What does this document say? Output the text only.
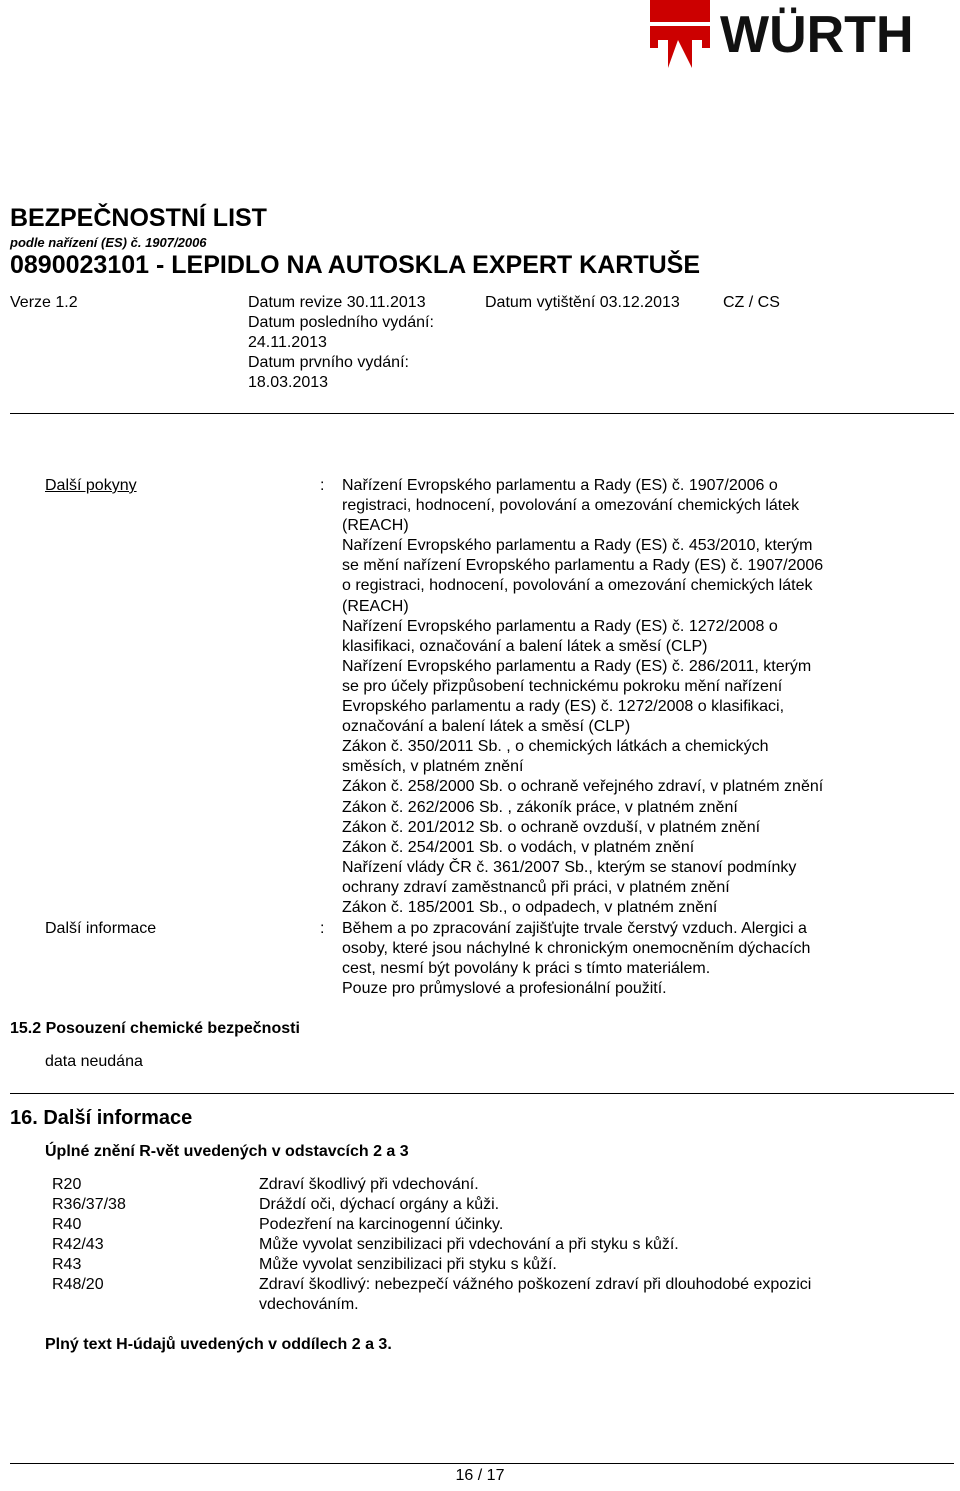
WÜRTH
BEZPEČNOSTNÍ LIST
podle nařízení (ES) č. 1907/2006
0890023101 - LEPIDLO NA AUTOSKLA EXPERT KARTUŠE
Verze 1.2	Datum revize 30.11.2013
Datum posledního vydání:
24.11.2013
Datum prvního vydání:
18.03.2013
Datum vytištění 03.12.2013	CZ / CS
Další pokyny	: Nařízení Evropského parlamentu a Rady (ES) č. 1907/2006 o
registraci, hodnocení, povolování a omezování chemických látek
(REACH)
Nařízení Evropského parlamentu a Rady (ES) č. 453/2010, kterým
se mění nařízení Evropského parlamentu a Rady (ES) č. 1907/2006
o registraci, hodnocení, povolování a omezování chemických látek
(REACH)
Nařízení Evropského parlamentu a Rady (ES) č. 1272/2008 o
klasifikaci, označování a balení látek a směsí (CLP)
Nařízení Evropského parlamentu a Rady (ES) č. 286/2011, kterým
se pro účely přizpůsobení technickému pokroku mění nařízení
Evropského parlamentu a rady (ES) č. 1272/2008 o klasifikaci,
označování a balení látek a směsí (CLP)
Zákon č. 350/2011 Sb. , o chemických látkách a chemických
směsích, v platném znění
Zákon č. 258/2000 Sb. o ochraně veřejného zdraví, v platném znění
Zákon č. 262/2006 Sb. , zákoník práce, v platném znění
Zákon č. 201/2012 Sb. o ochraně ovzduší, v platném znění
Zákon č. 254/2001 Sb. o vodách, v platném znění
Nařízení vlády ČR č. 361/2007 Sb., kterým se stanoví podmínky
ochrany zdraví zaměstnanců při práci, v platném znění
Zákon č. 185/2001 Sb., o odpadech, v platném znění
Další informace	: Během a po zpracování zajišťujte trvale čerstvý vzduch. Alergici a
osoby, které jsou náchylné k chronickým onemocněním dýchacích
cest, nesmí být povolány k práci s tímto materiálem.
Pouze pro průmyslové a profesionální použití.
15.2 Posouzení chemické bezpečnosti
data neudána
16. Další informace
Úplné znění R-vět uvedených v odstavcích 2 a 3
R20	Zdraví škodlivý při vdechování.
R36/37/38	Dráždí oči, dýchací orgány a kůži.
R40	Podezření na karcinogenní účinky.
R42/43	Může vyvolat senzibilizaci při vdechování a při styku s kůží.
R43	Může vyvolat senzibilizaci při styku s kůží.
R48/20	Zdraví škodlivý: nebezpečí vážného poškození zdraví při dlouhodobé expozici
vdechováním.
Plný text H-údajů uvedených v oddílech 2 a 3.
16 / 17
